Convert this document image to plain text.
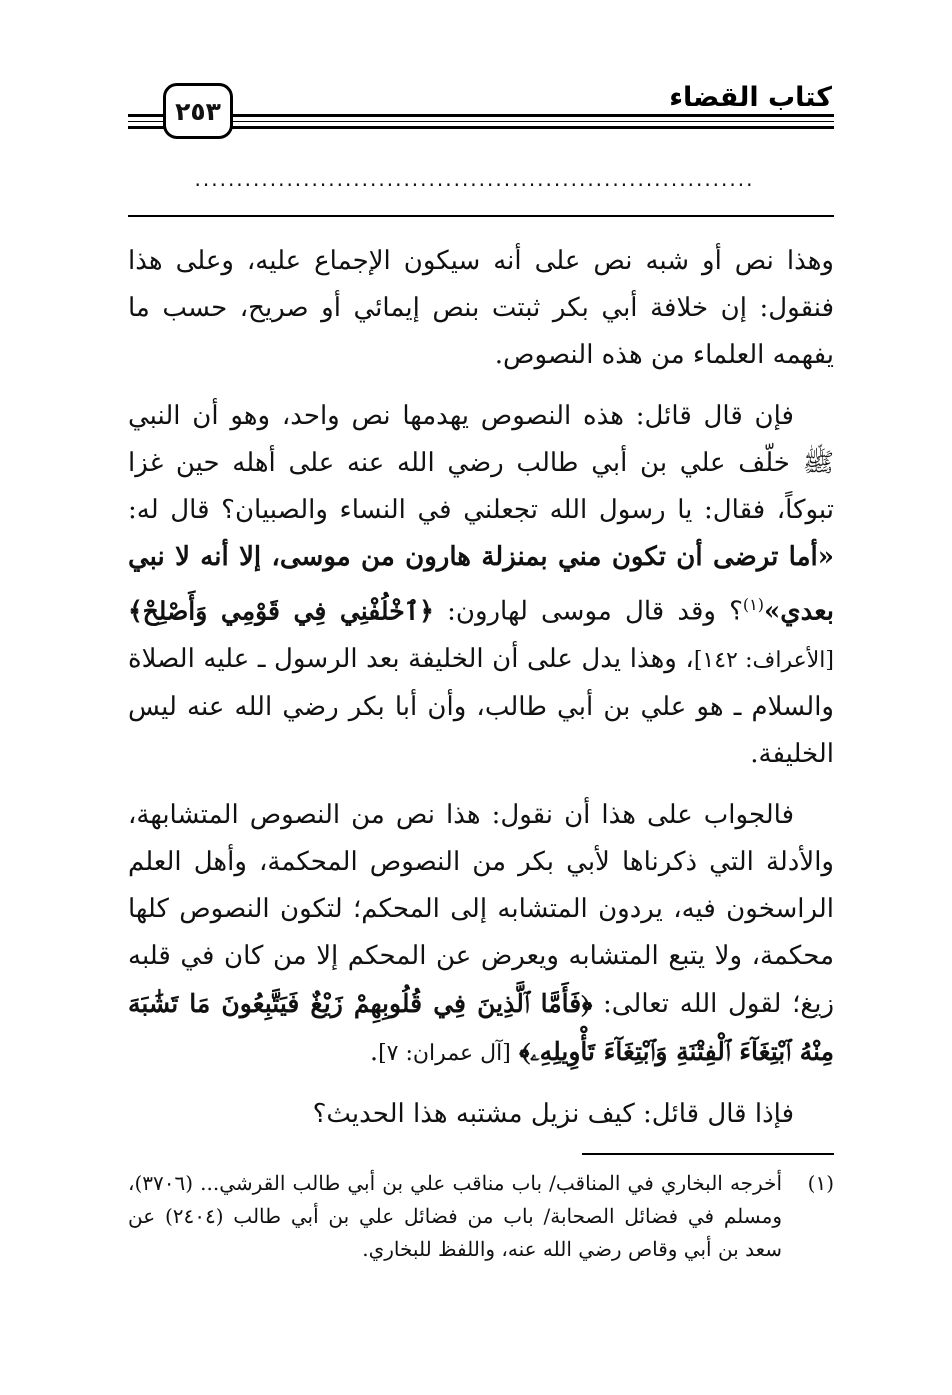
كتاب القضاء
٢٥٣
...................................................................

وهذا نص أو شبه نص على أنه سيكون الإجماع عليه، وعلى هذا فنقول: إن خلافة أبي بكر ثبتت بنص إيمائي أو صريح، حسب ما يفهمه العلماء من هذه النصوص.

فإن قال قائل: هذه النصوص يهدمها نص واحد، وهو أن النبي ﷺ خلّف علي بن أبي طالب رضي الله عنه على أهله حين غزا تبوكاً، فقال: يا رسول الله تجعلني في النساء والصبيان؟ قال له: «أما ترضى أن تكون مني بمنزلة هارون من موسى، إلا أنه لا نبي بعدي»$^{(١)}$؟ وقد قال موسى لهارون: ﴿ٱخْلُفْنِي فِي قَوْمِي وَأَصْلِحْ﴾ [الأعراف: ١٤٢]، وهذا يدل على أن الخليفة بعد الرسول ـ عليه الصلاة والسلام ـ هو علي بن أبي طالب، وأن أبا بكر رضي الله عنه ليس الخليفة.

فالجواب على هذا أن نقول: هذا نص من النصوص المتشابهة، والأدلة التي ذكرناها لأبي بكر من النصوص المحكمة، وأهل العلم الراسخون فيه، يردون المتشابه إلى المحكم؛ لتكون النصوص كلها محكمة، ولا يتبع المتشابه ويعرض عن المحكم إلا من كان في قلبه زيغ؛ لقول الله تعالى: ﴿فَأَمَّا ٱلَّذِينَ فِي قُلُوبِهِمْ زَيْغٌ فَيَتَّبِعُونَ مَا تَشَٰبَهَ مِنْهُ ٱبْتِغَآءَ ٱلْفِتْنَةِ وَٱبْتِغَآءَ تَأْوِيلِهِۦ﴾ [آل عمران: ٧].

فإذا قال قائل: كيف نزيل مشتبه هذا الحديث؟

(١)
أخرجه البخاري في المناقب/ باب مناقب علي بن أبي طالب القرشي... (٣٧٠٦)، ومسلم في فضائل الصحابة/ باب من فضائل علي بن أبي طالب (٢٤٠٤) عن سعد بن أبي وقاص رضي الله عنه، واللفظ للبخاري.
